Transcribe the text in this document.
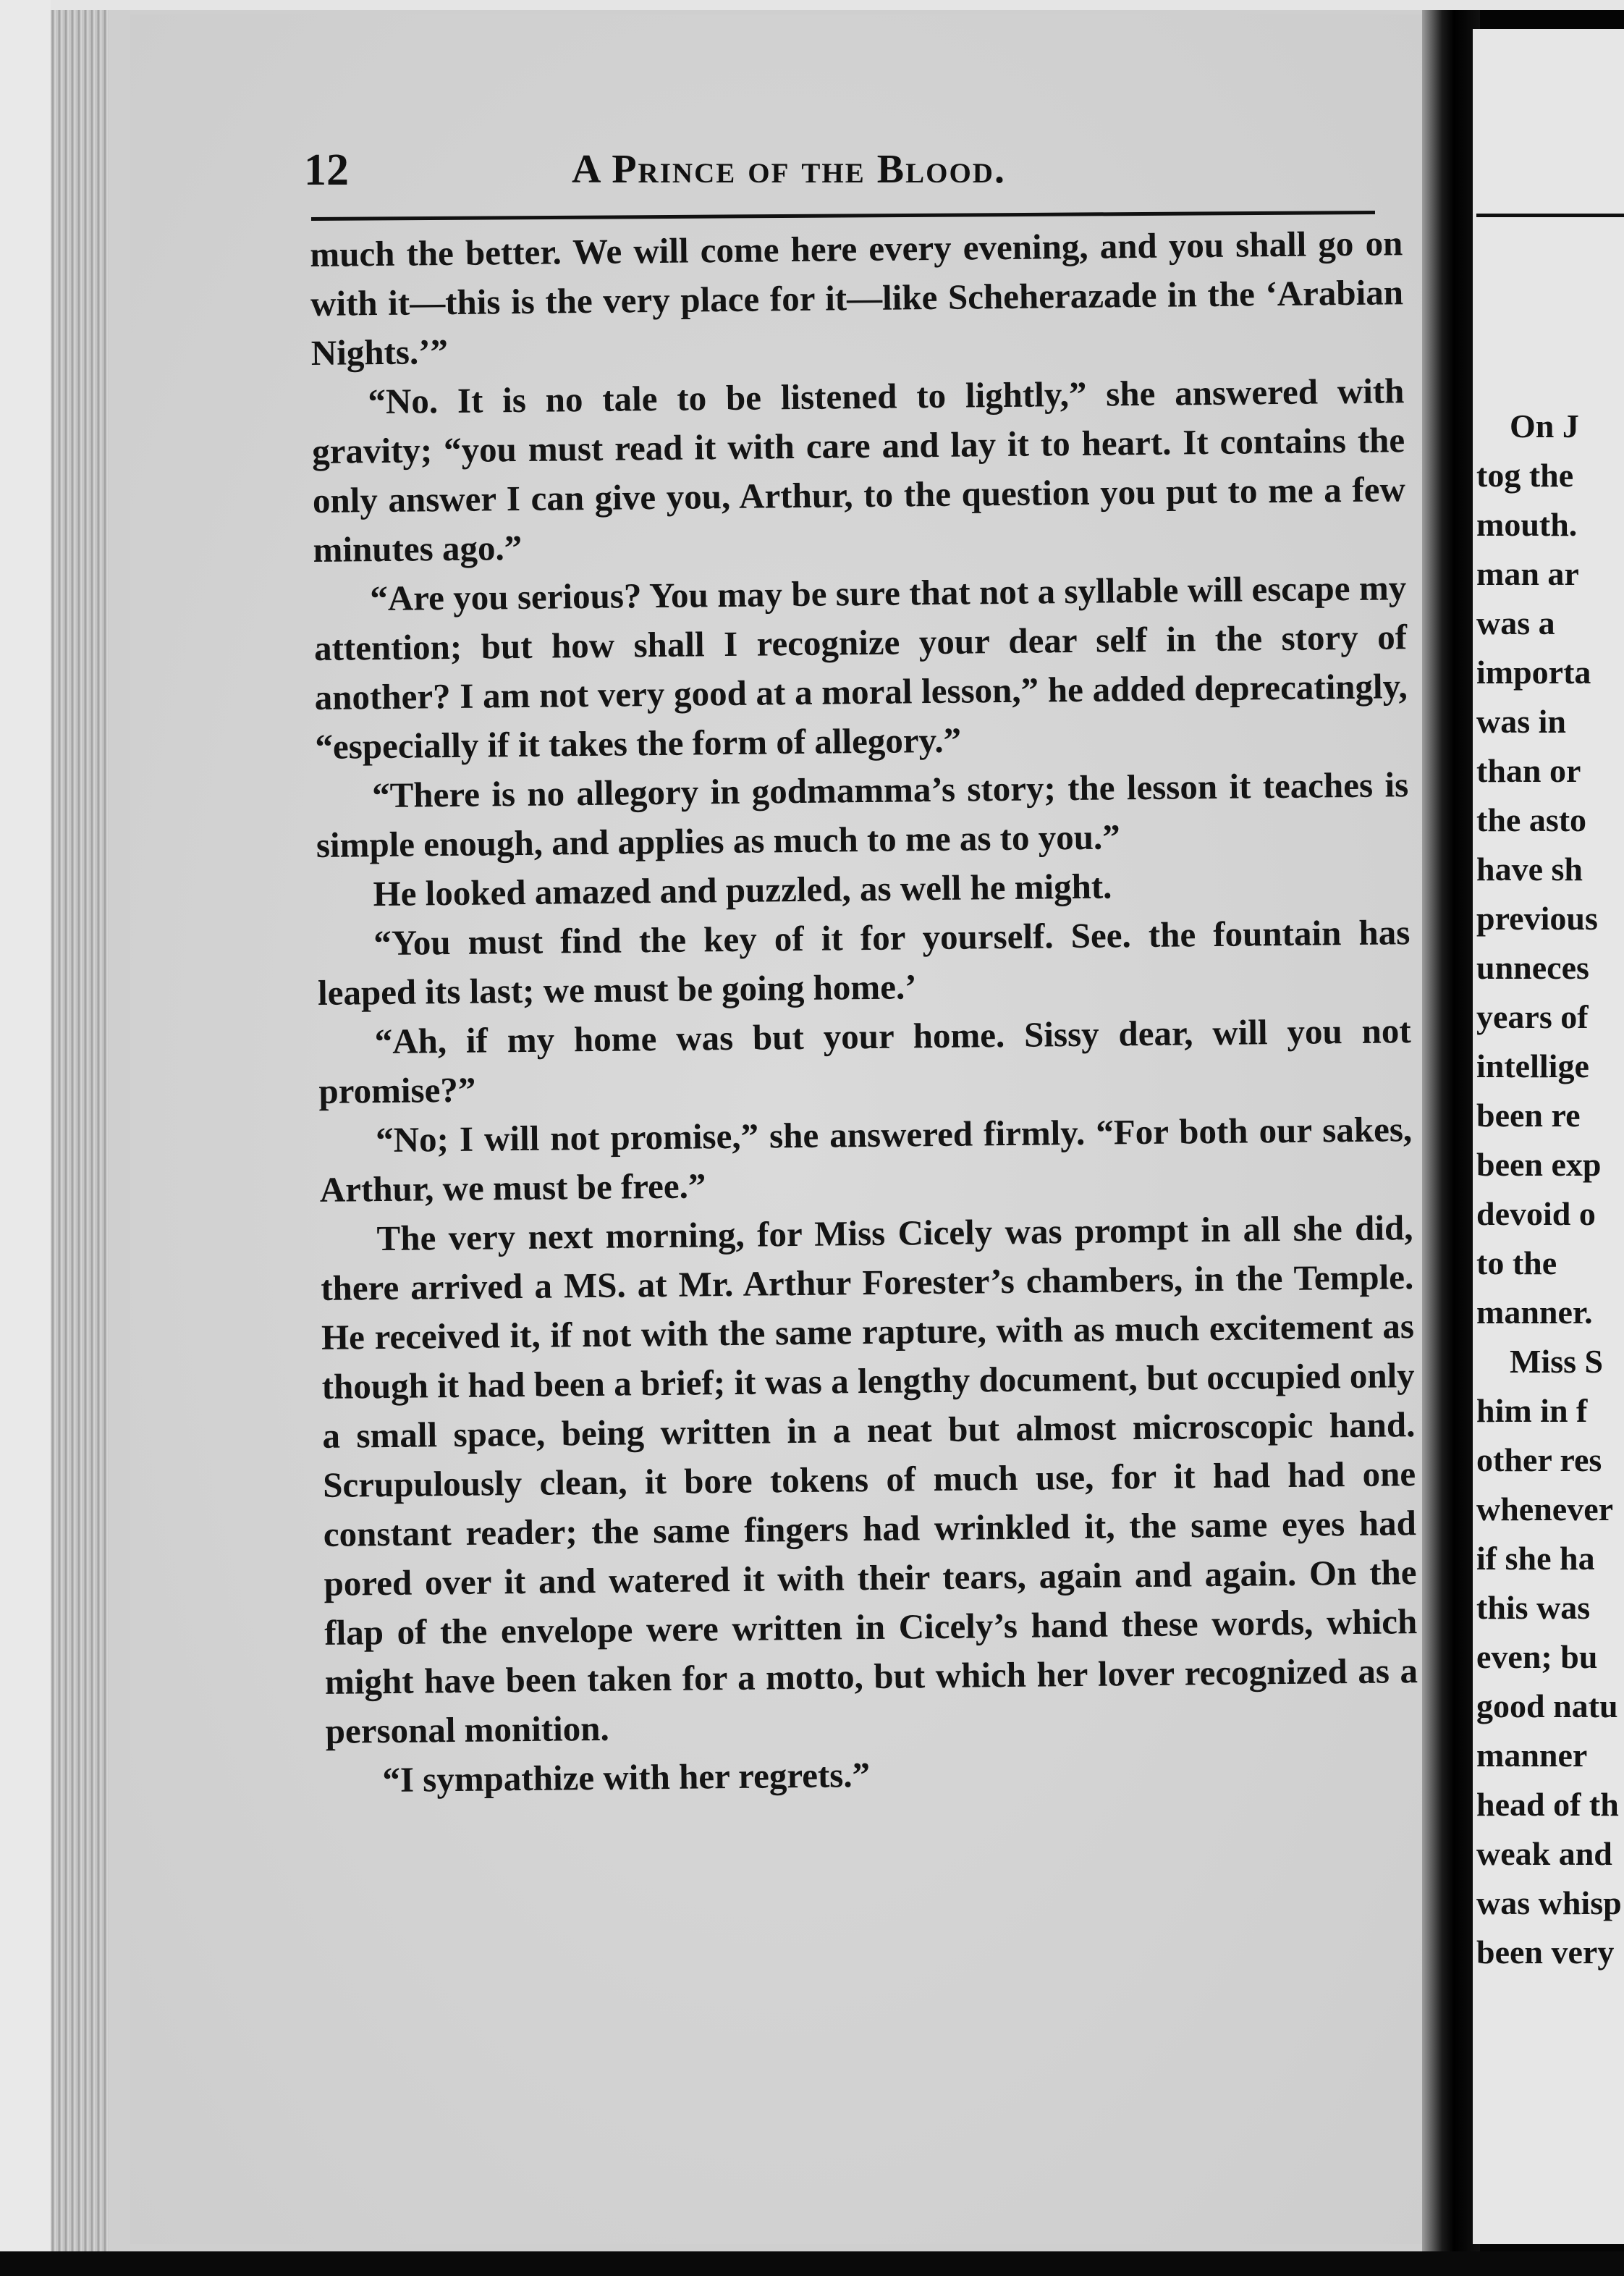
12	A Prince of the Blood.

much the better. We will come here every evening, and you shall go on with it—this is the very place for it—like Scheherazade in the ‘Arabian Nights.’”

“No. It is no tale to be listened to lightly,” she answered with gravity; “you must read it with care and lay it to heart. It contains the only answer I can give you, Arthur, to the question you put to me a few minutes ago.”

“Are you serious? You may be sure that not a syllable will escape my attention; but how shall I recognize your dear self in the story of another? I am not very good at a moral lesson,” he added deprecatingly, “especially if it takes the form of allegory.”

“There is no allegory in godmamma’s story; the lesson it teaches is simple enough, and applies as much to me as to you.”

He looked amazed and puzzled, as well he might.

“You must find the key of it for yourself. See. the fountain has leaped its last; we must be going home.’

“Ah, if my home was but your home. Sissy dear, will you not promise?”

“No; I will not promise,” she answered firmly. “For both our sakes, Arthur, we must be free.”

The very next morning, for Miss Cicely was prompt in all she did, there arrived a MS. at Mr. Arthur Forester’s chambers, in the Temple. He received it, if not with the same rapture, with as much excitement as though it had been a brief; it was a lengthy document, but occupied only a small space, being written in a neat but almost microscopic hand. Scrupulously clean, it bore tokens of much use, for it had had one constant reader; the same fingers had wrinkled it, the same eyes had pored over it and watered it with their tears, again and again. On the flap of the envelope were written in Cicely’s hand these words, which might have been taken for a motto, but which her lover recognized as a personal monition.

“I sympathize with her regrets.”

On J
tog the
mouth.
man ar
was a
importa
was in
than or
the asto
have sh
previous
unneces
years of
intellige
been re
been exp
devoid o
to the
manner.
Miss S
him in f
other res
whenever
if she ha
this was
even; bu
good natu
manner
head of th
weak and
was whisp
been very
